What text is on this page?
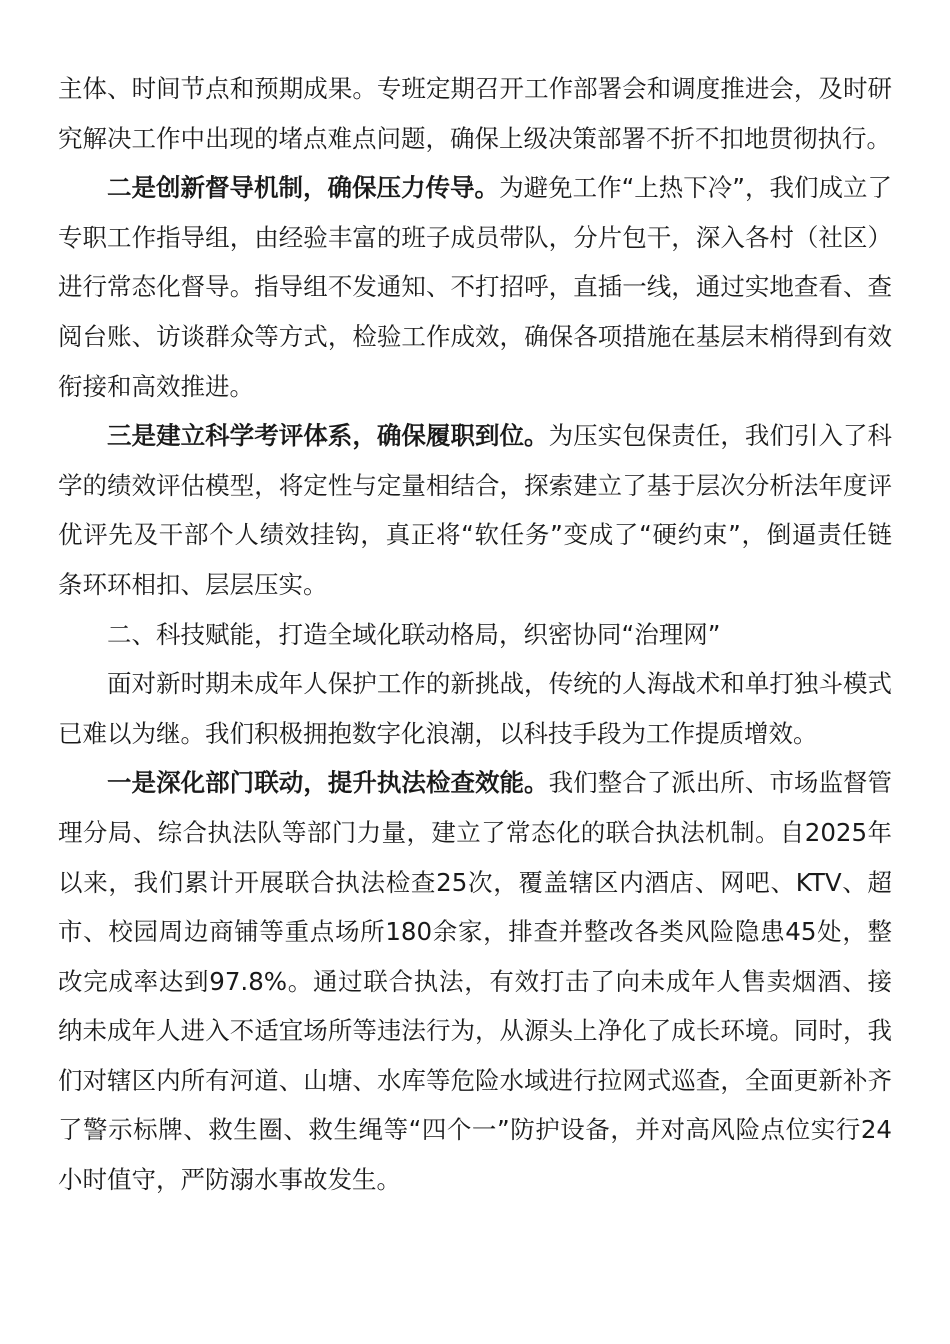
主体、时间节点和预期成果。专班定期召开工作部署会和调度推进会，及时研究解决工作中出现的堵点难点问题，确保上级决策部署不折不扣地贯彻执行。

二是创新督导机制，确保压力传导。为避免工作“上热下冷”，我们成立了专职工作指导组，由经验丰富的班子成员带队，分片包干，深入各村（社区）进行常态化督导。指导组不发通知、不打招呼，直插一线，通过实地查看、查阅台账、访谈群众等方式，检验工作成效，确保各项措施在基层末梢得到有效衔接和高效推进。

三是建立科学考评体系，确保履职到位。为压实包保责任，我们引入了科学的绩效评估模型，将定性与定量相结合，探索建立了基于层次分析法年度评优评先及干部个人绩效挂钩，真正将“软任务”变成了“硬约束”，倒逼责任链条环环相扣、层层压实。

二、科技赋能，打造全域化联动格局，织密协同“治理网”

面对新时期未成年人保护工作的新挑战，传统的人海战术和单打独斗模式已难以为继。我们积极拥抱数字化浪潮，以科技手段为工作提质增效。

一是深化部门联动，提升执法检查效能。我们整合了派出所、市场监督管理分局、综合执法队等部门力量，建立了常态化的联合执法机制。自2025年以来，我们累计开展联合执法检查25次，覆盖辖区内酒店、网吧、KTV、超市、校园周边商铺等重点场所180余家，排查并整改各类风险隐患45处，整改完成率达到97.8%。通过联合执法，有效打击了向未成年人售卖烟酒、接纳未成年人进入不适宜场所等违法行为，从源头上净化了成长环境。同时，我们对辖区内所有河道、山塘、水库等危险水域进行拉网式巡查，全面更新补齐了警示标牌、救生圈、救生绳等“四个一”防护设备，并对高风险点位实行24小时值守，严防溺水事故发生。
